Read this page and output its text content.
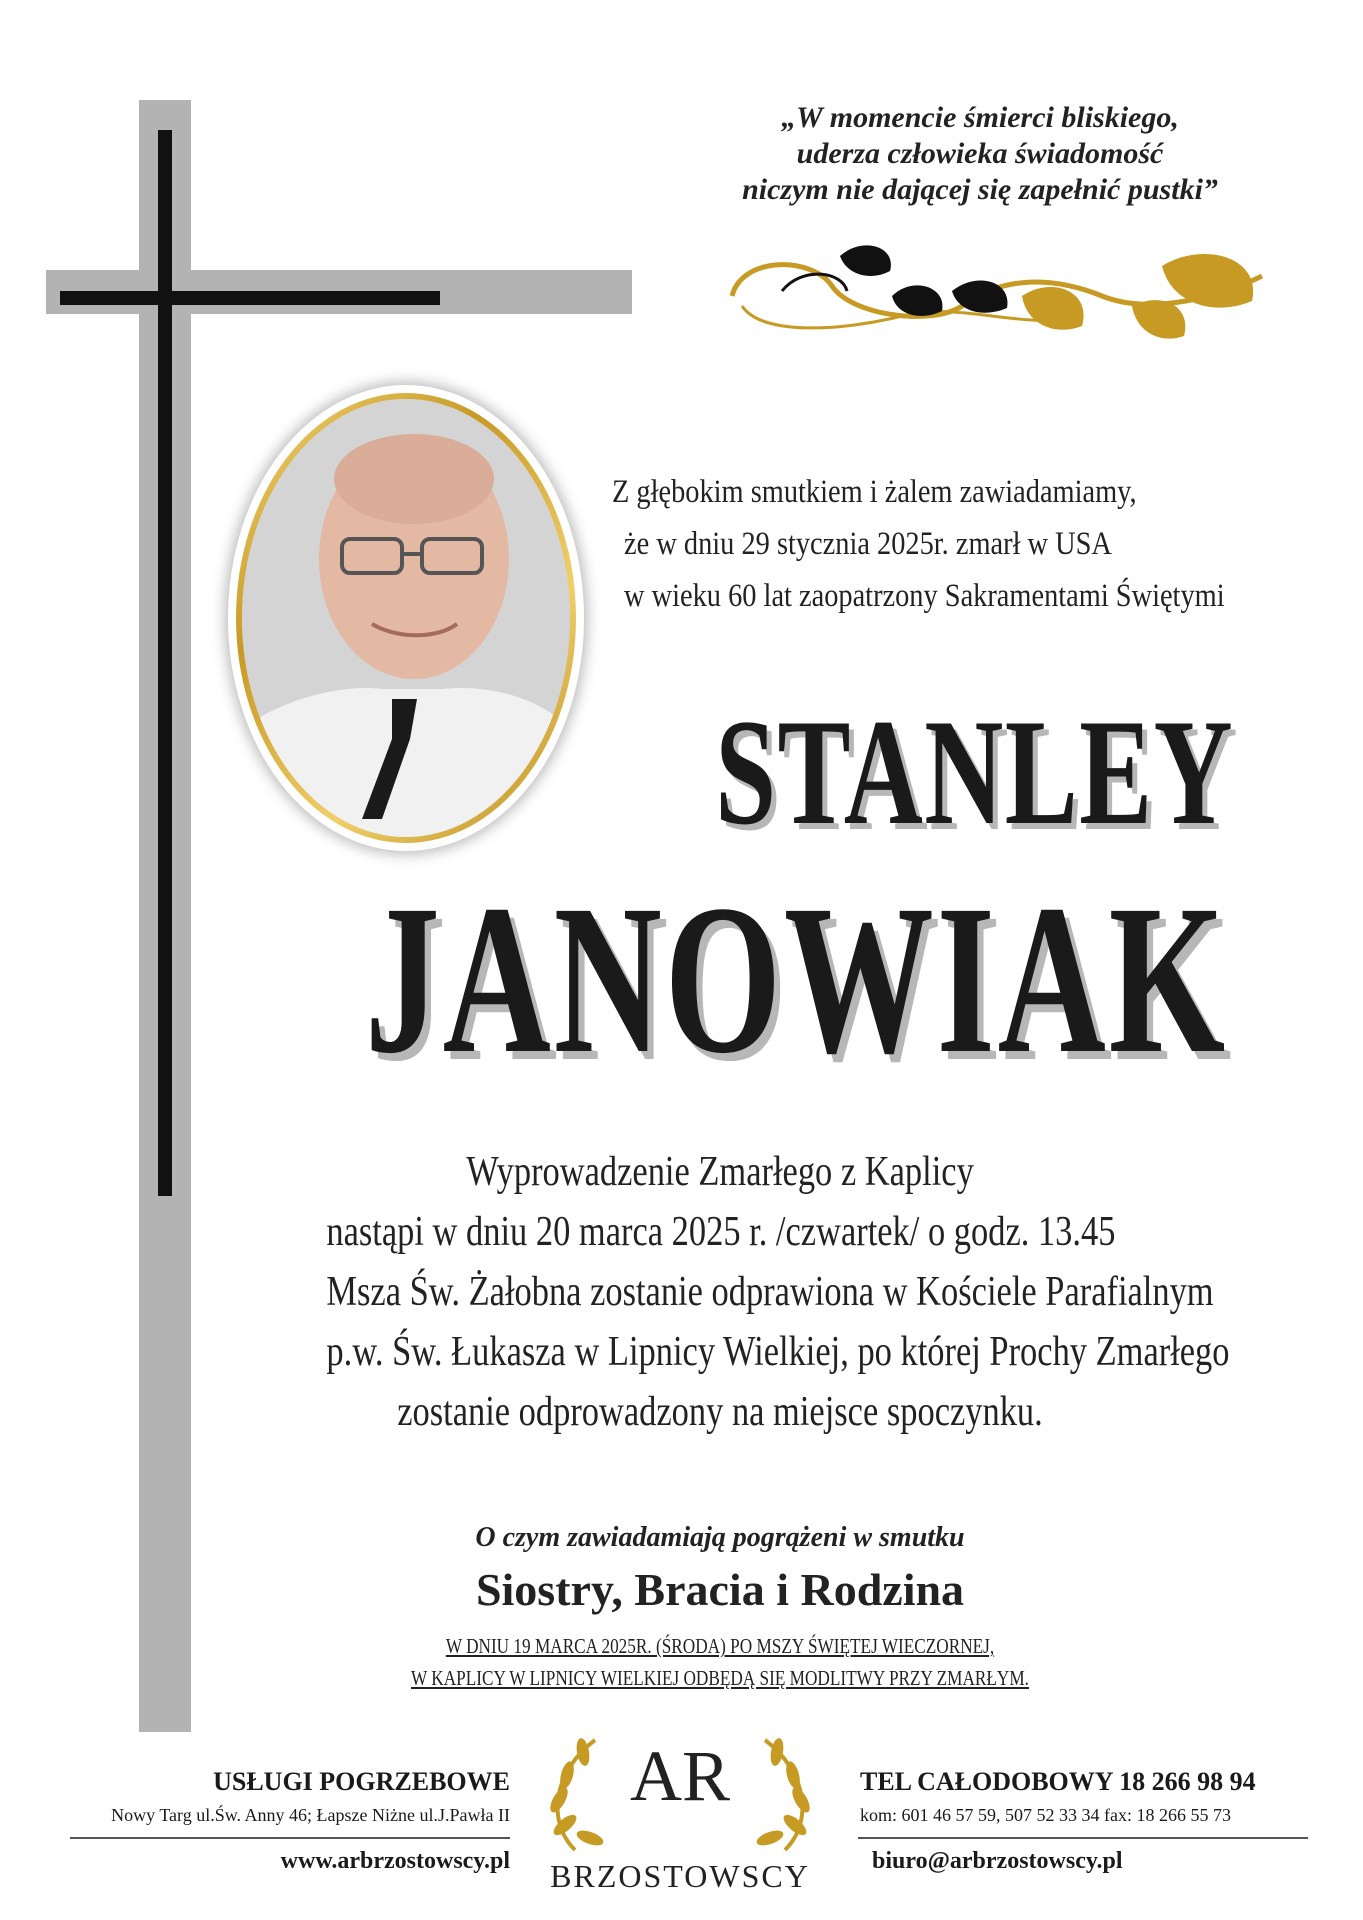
„W momencie śmierci bliskiego,
uderza człowieka świadomość
niczym nie dającej się zapełnić pustki”
Z głębokim smutkiem i żalem zawiadamiamy,
że w dniu 29 stycznia 2025r. zmarł w USA
w wieku 60 lat zaopatrzony Sakramentami Świętymi
STANLEY
JANOWIAK
Wyprowadzenie Zmarłego z Kaplicy
nastąpi w dniu 20 marca 2025 r. /czwartek/ o godz. 13.45
Msza Św. Żałobna zostanie odprawiona w Kościele Parafialnym
p.w. Św. Łukasza w Lipnicy Wielkiej, po której Prochy Zmarłego
zostanie odprowadzony na miejsce spoczynku.
O czym zawiadamiają pogrążeni w smutku
Siostry, Bracia i Rodzina
W DNIU 19 MARCA 2025R. (ŚRODA) PO MSZY ŚWIĘTEJ WIECZORNEJ,
W KAPLICY W LIPNICY WIELKIEJ ODBĘDĄ SIĘ MODLITWY PRZY ZMARŁYM.
USŁUGI POGRZEBOWE
Nowy Targ ul.Św. Anny 46; Łapsze Niżne ul.J.Pawła II
www.arbrzostowscy.pl
AR
BRZOSTOWSCY
TEL CAŁODOBOWY 18 266 98 94
kom: 601 46 57 59, 507 52 33 34 fax: 18 266 55 73
biuro@arbrzostowscy.pl
